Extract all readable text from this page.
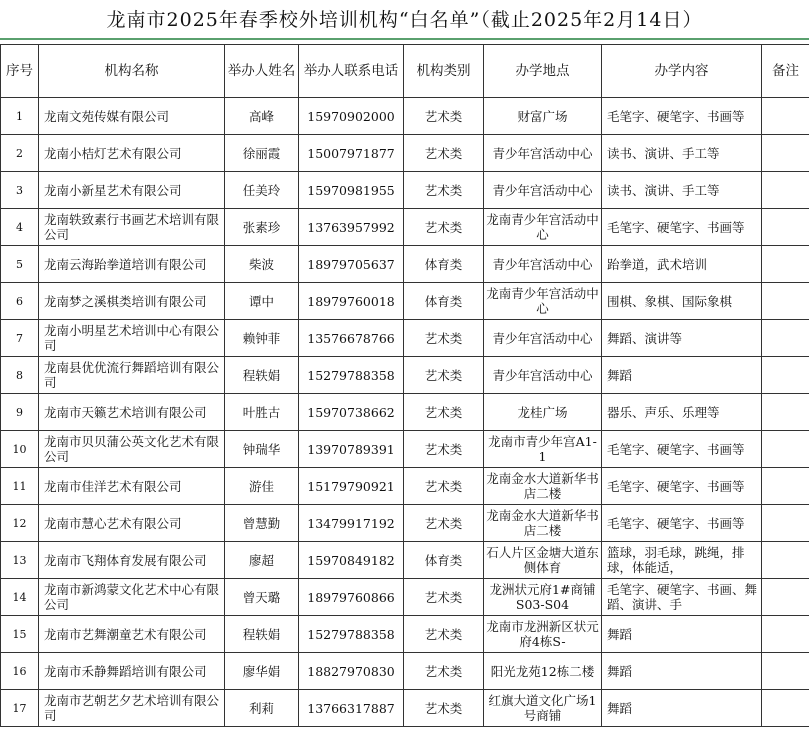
龙南市2025年春季校外培训机构“白名单”（截止2025年2月14日）
序号	机构名称	举办人姓名	举办人联系电话	机构类别	办学地点	办学内容	备注

1	龙南文苑传媒有限公司	高峰	15970902000	艺术类	财富广场	毛笔字、硬笔字、书画等	

2	龙南小桔灯艺术有限公司	徐丽霞	15007971877	艺术类	青少年宫活动中心	读书、演讲、手工等	

3	龙南小新星艺术有限公司	任美玲	15970981955	艺术类	青少年宫活动中心	读书、演讲、手工等	

4	龙南轶致素行书画艺术培训有限公司	张素珍	13763957992	艺术类	龙南青少年宫活动中心	毛笔字、硬笔字、书画等	

5	龙南云海跆拳道培训有限公司	柴波	18979705637	体育类	青少年宫活动中心	跆拳道，武术培训	

6	龙南梦之溪棋类培训有限公司	谭中	18979760018	体育类	龙南青少年宫活动中心	围棋、象棋、国际象棋	

7	龙南小明星艺术培训中心有限公司	赖钟菲	13576678766	艺术类	青少年宫活动中心	舞蹈、演讲等	

8	龙南县优优流行舞蹈培训有限公司	程轶娟	15279788358	艺术类	青少年宫活动中心	舞蹈	

9	龙南市天籁艺术培训有限公司	叶胜古	15970738662	艺术类	龙桂广场	器乐、声乐、乐理等	

10	龙南市贝贝蒲公英文化艺术有限公司	钟瑞华	13970789391	艺术类	龙南市青少年宫A1-1	毛笔字、硬笔字、书画等	

11	龙南市佳洋艺术有限公司	游佳	15179790921	艺术类	龙南金水大道新华书店二楼	毛笔字、硬笔字、书画等	

12	龙南市慧心艺术有限公司	曾慧勤	13479917192	艺术类	龙南金水大道新华书店二楼	毛笔字、硬笔字、书画等	

13	龙南市飞翔体育发展有限公司	廖超	15970849182	体育类	石人片区金塘大道东侧体育	篮球，羽毛球，跳绳，排球，体能适，	

14	龙南市新鸿蒙文化艺术中心有限公司	曾天璐	18979760866	艺术类	龙洲状元府1#商铺S03-S04	毛笔字、硬笔字、书画、舞蹈、演讲、手	

15	龙南市艺舞潮童艺术有限公司	程轶娟	15279788358	艺术类	龙南市龙洲新区状元府4栋S-	舞蹈	

16	龙南市禾静舞蹈培训有限公司	廖华娟	18827970830	艺术类	阳光龙苑12栋二楼	舞蹈	

17	龙南市艺朝艺夕艺术培训有限公司	利莉	13766317887	艺术类	红旗大道文化广场1号商铺	舞蹈	
